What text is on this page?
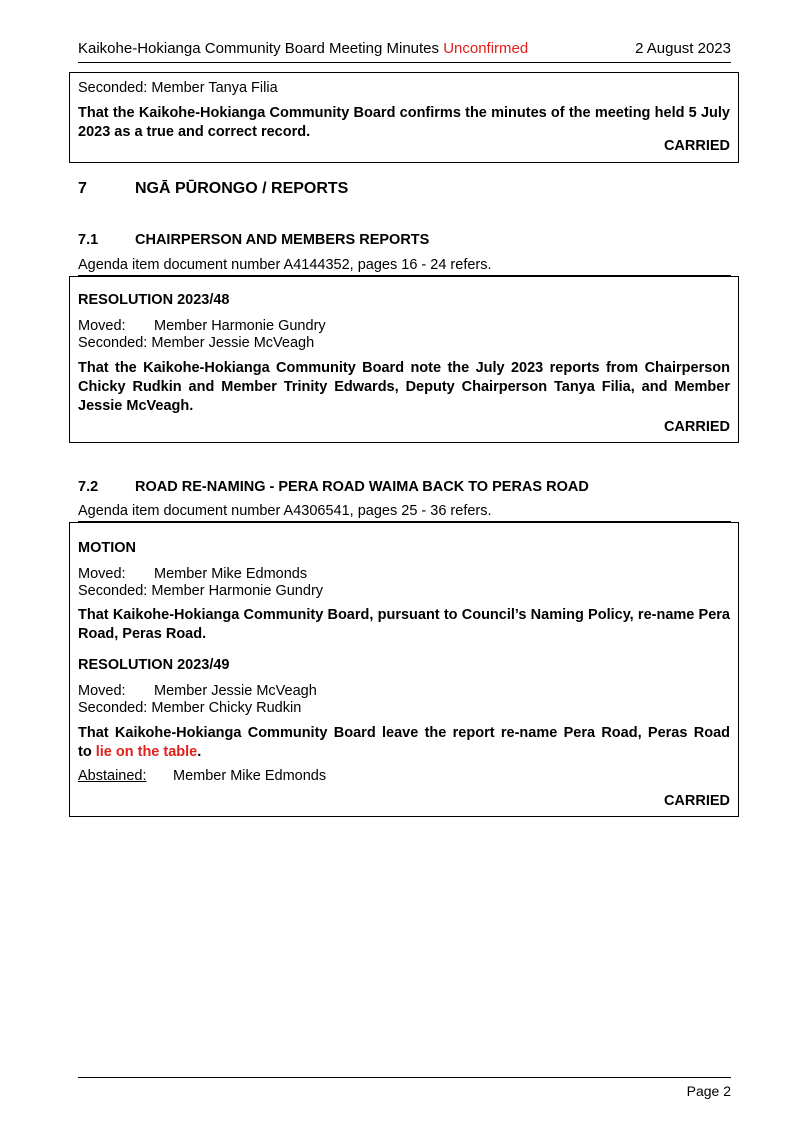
Kaikohe-Hokianga Community Board Meeting Minutes Unconfirmed	2 August 2023
Seconded: Member Tanya Filia
That the Kaikohe-Hokianga Community Board confirms the minutes of the meeting held 5 July 2023 as a true and correct record.
CARRIED
7	NGĀ PŪRONGO / REPORTS
7.1	CHAIRPERSON AND MEMBERS REPORTS
Agenda item document number A4144352, pages 16 - 24 refers.
RESOLUTION 2023/48
Moved: Member Harmonie Gundry
Seconded: Member Jessie McVeagh
That the Kaikohe-Hokianga Community Board note the July 2023 reports from Chairperson Chicky Rudkin and Member Trinity Edwards, Deputy Chairperson Tanya Filia, and Member Jessie McVeagh.
CARRIED
7.2	ROAD RE-NAMING - PERA ROAD WAIMA BACK TO PERAS ROAD
Agenda item document number A4306541, pages 25 - 36 refers.
MOTION
Moved: Member Mike Edmonds
Seconded: Member Harmonie Gundry
That Kaikohe-Hokianga Community Board, pursuant to Council’s Naming Policy, re-name Pera Road, Peras Road.
RESOLUTION 2023/49
Moved: Member Jessie McVeagh
Seconded: Member Chicky Rudkin
That Kaikohe-Hokianga Community Board leave the report re-name Pera Road, Peras Road
to lie on the table.
Abstained: Member Mike Edmonds
CARRIED
Page 2
